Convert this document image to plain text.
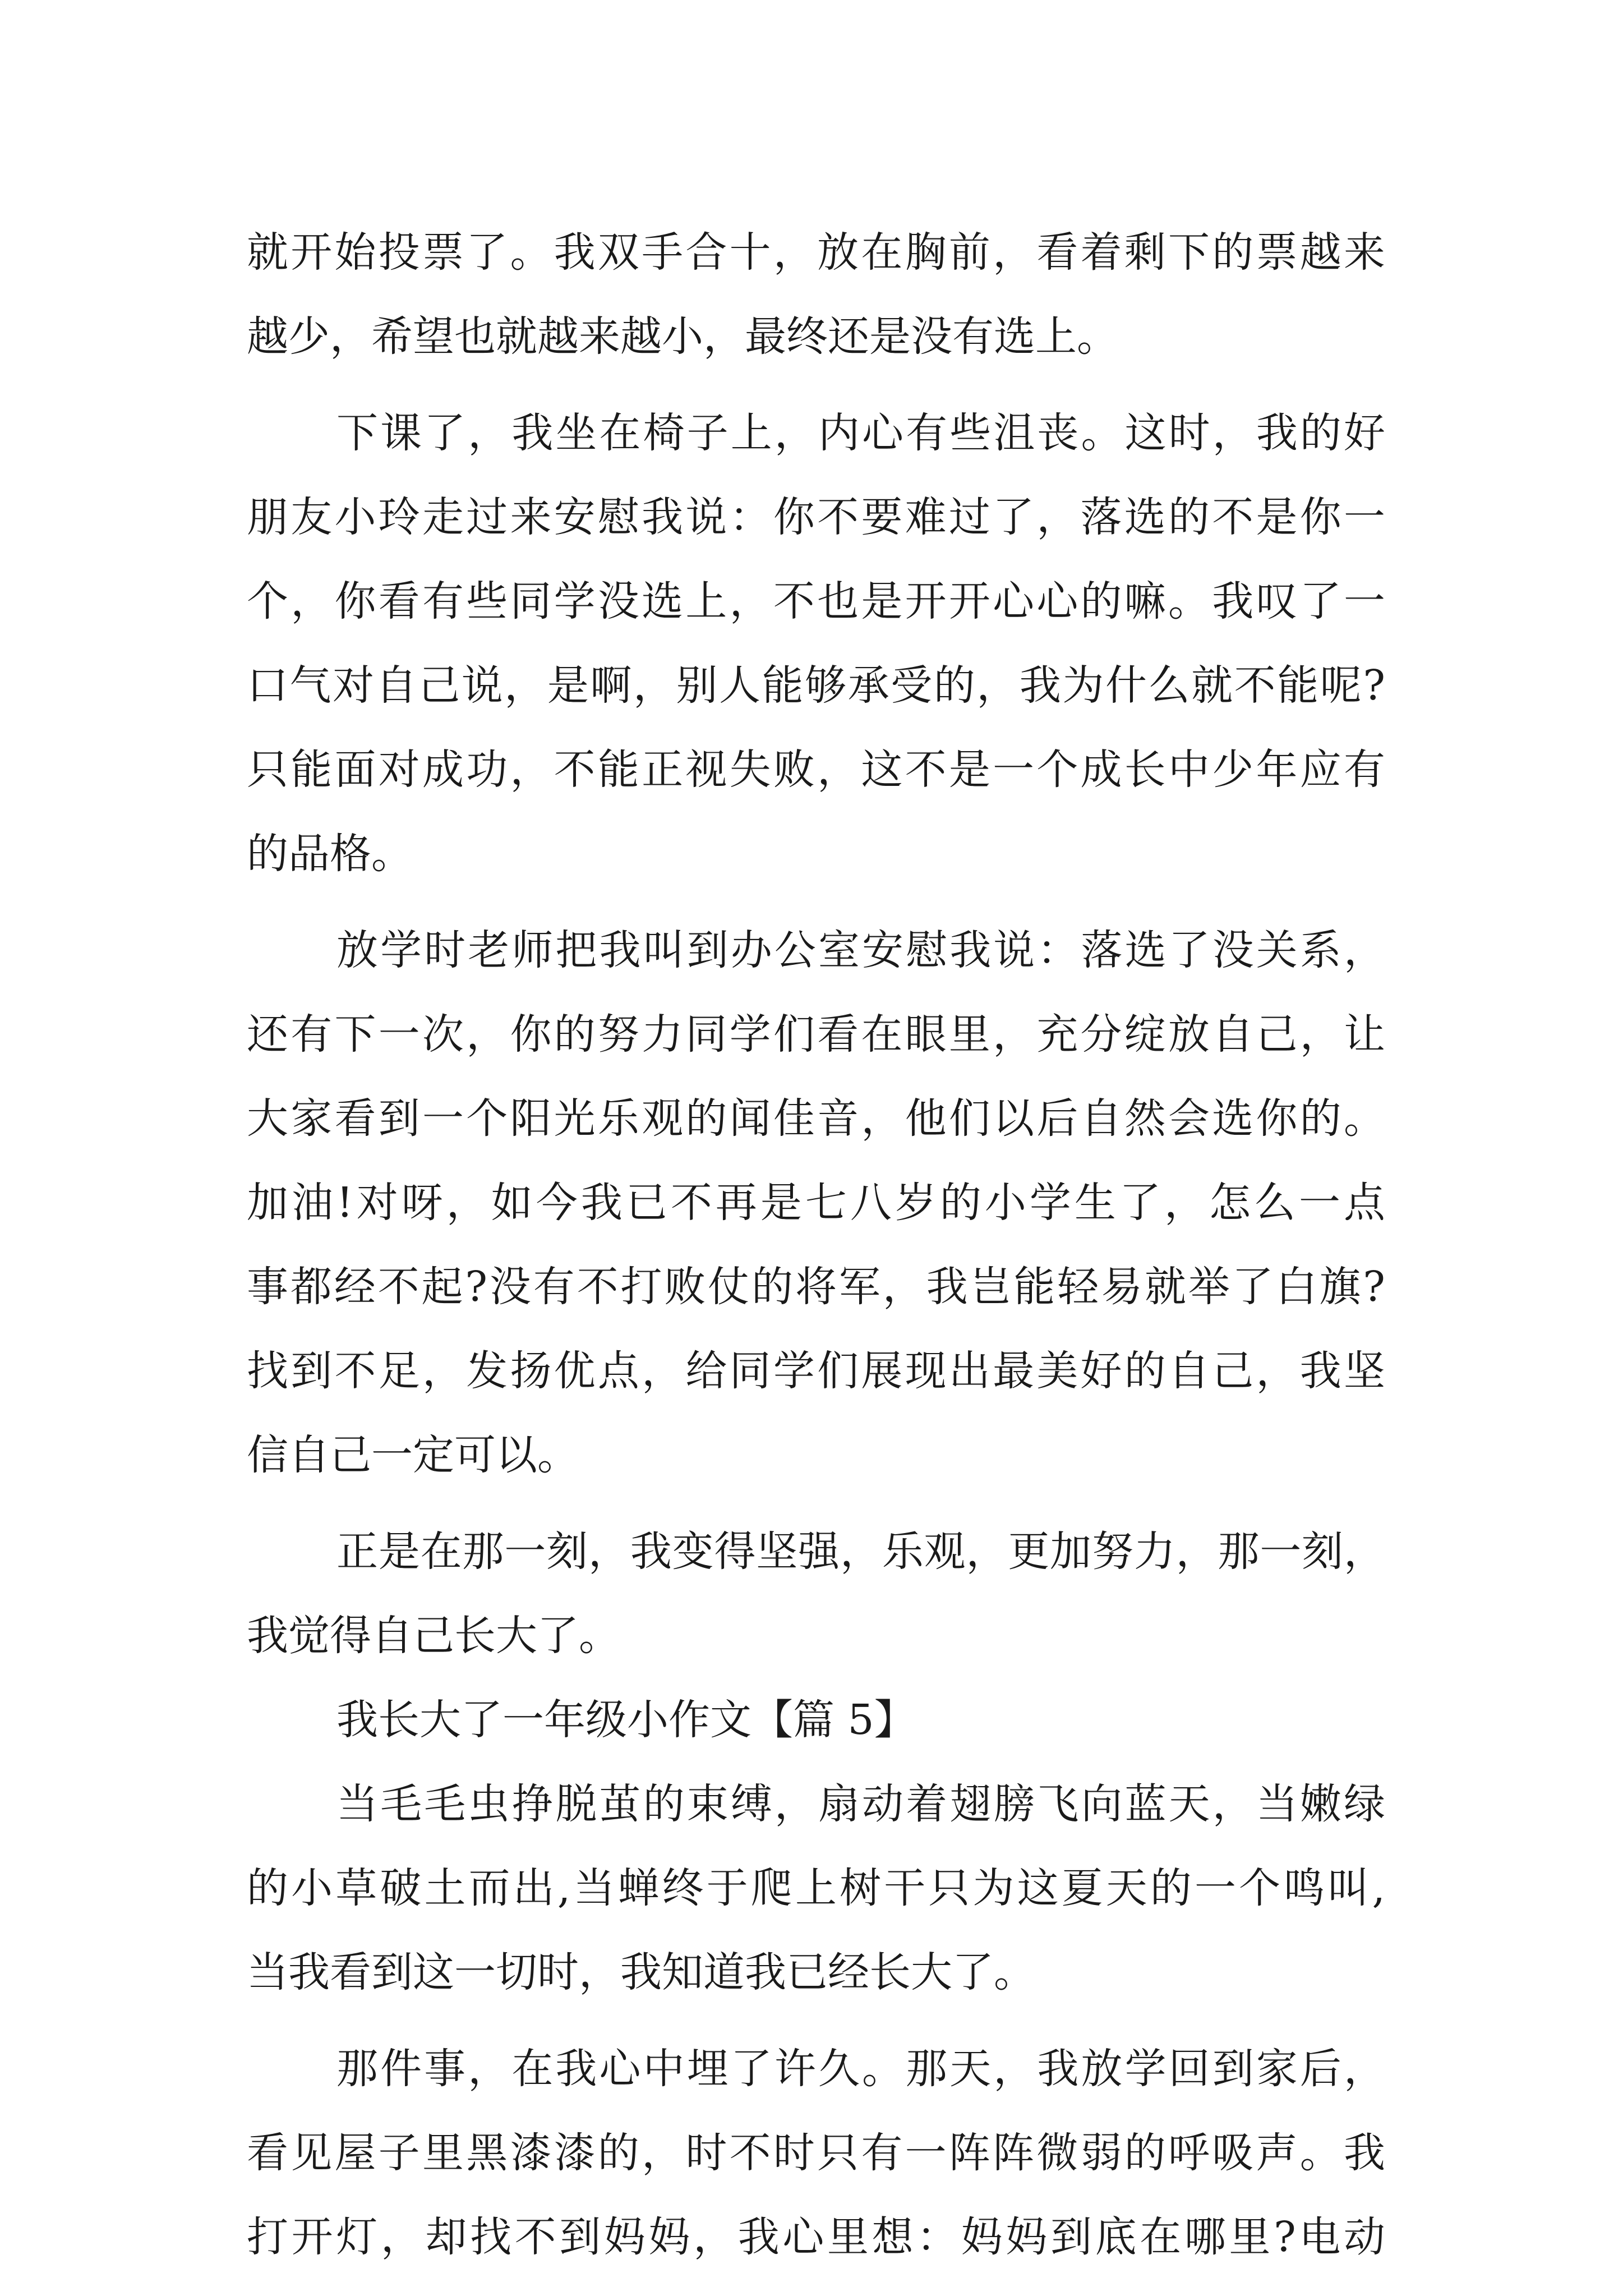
就开始投票了。我双手合十，放在胸前，看着剩下的票越来
越少，希望也就越来越小，最终还是没有选上。
下课了，我坐在椅子上，内心有些沮丧。这时，我的好
朋友小玲走过来安慰我说：你不要难过了，落选的不是你一
个，你看有些同学没选上，不也是开开心心的嘛。我叹了一
口气对自己说，是啊，别人能够承受的，我为什么就不能呢?
只能面对成功，不能正视失败，这不是一个成长中少年应有
的品格。
放学时老师把我叫到办公室安慰我说：落选了没关系，
还有下一次，你的努力同学们看在眼里，充分绽放自己，让
大家看到一个阳光乐观的闻佳音，他们以后自然会选你的。
加油!对呀，如今我已不再是七八岁的小学生了，怎么一点
事都经不起?没有不打败仗的将军，我岂能轻易就举了白旗?
找到不足，发扬优点，给同学们展现出最美好的自己，我坚
信自己一定可以。
正是在那一刻，我变得坚强，乐观，更加努力，那一刻，
我觉得自己长大了。
我长大了一年级小作文【篇 5】
当毛毛虫挣脱茧的束缚，扇动着翅膀飞向蓝天，当嫩绿
的小草破土而出,当蝉终于爬上树干只为这夏天的一个鸣叫,
当我看到这一切时，我知道我已经长大了。
那件事，在我心中埋了许久。那天，我放学回到家后，
看见屋子里黑漆漆的，时不时只有一阵阵微弱的呼吸声。我
打开灯，却找不到妈妈，我心里想：妈妈到底在哪里?电动
